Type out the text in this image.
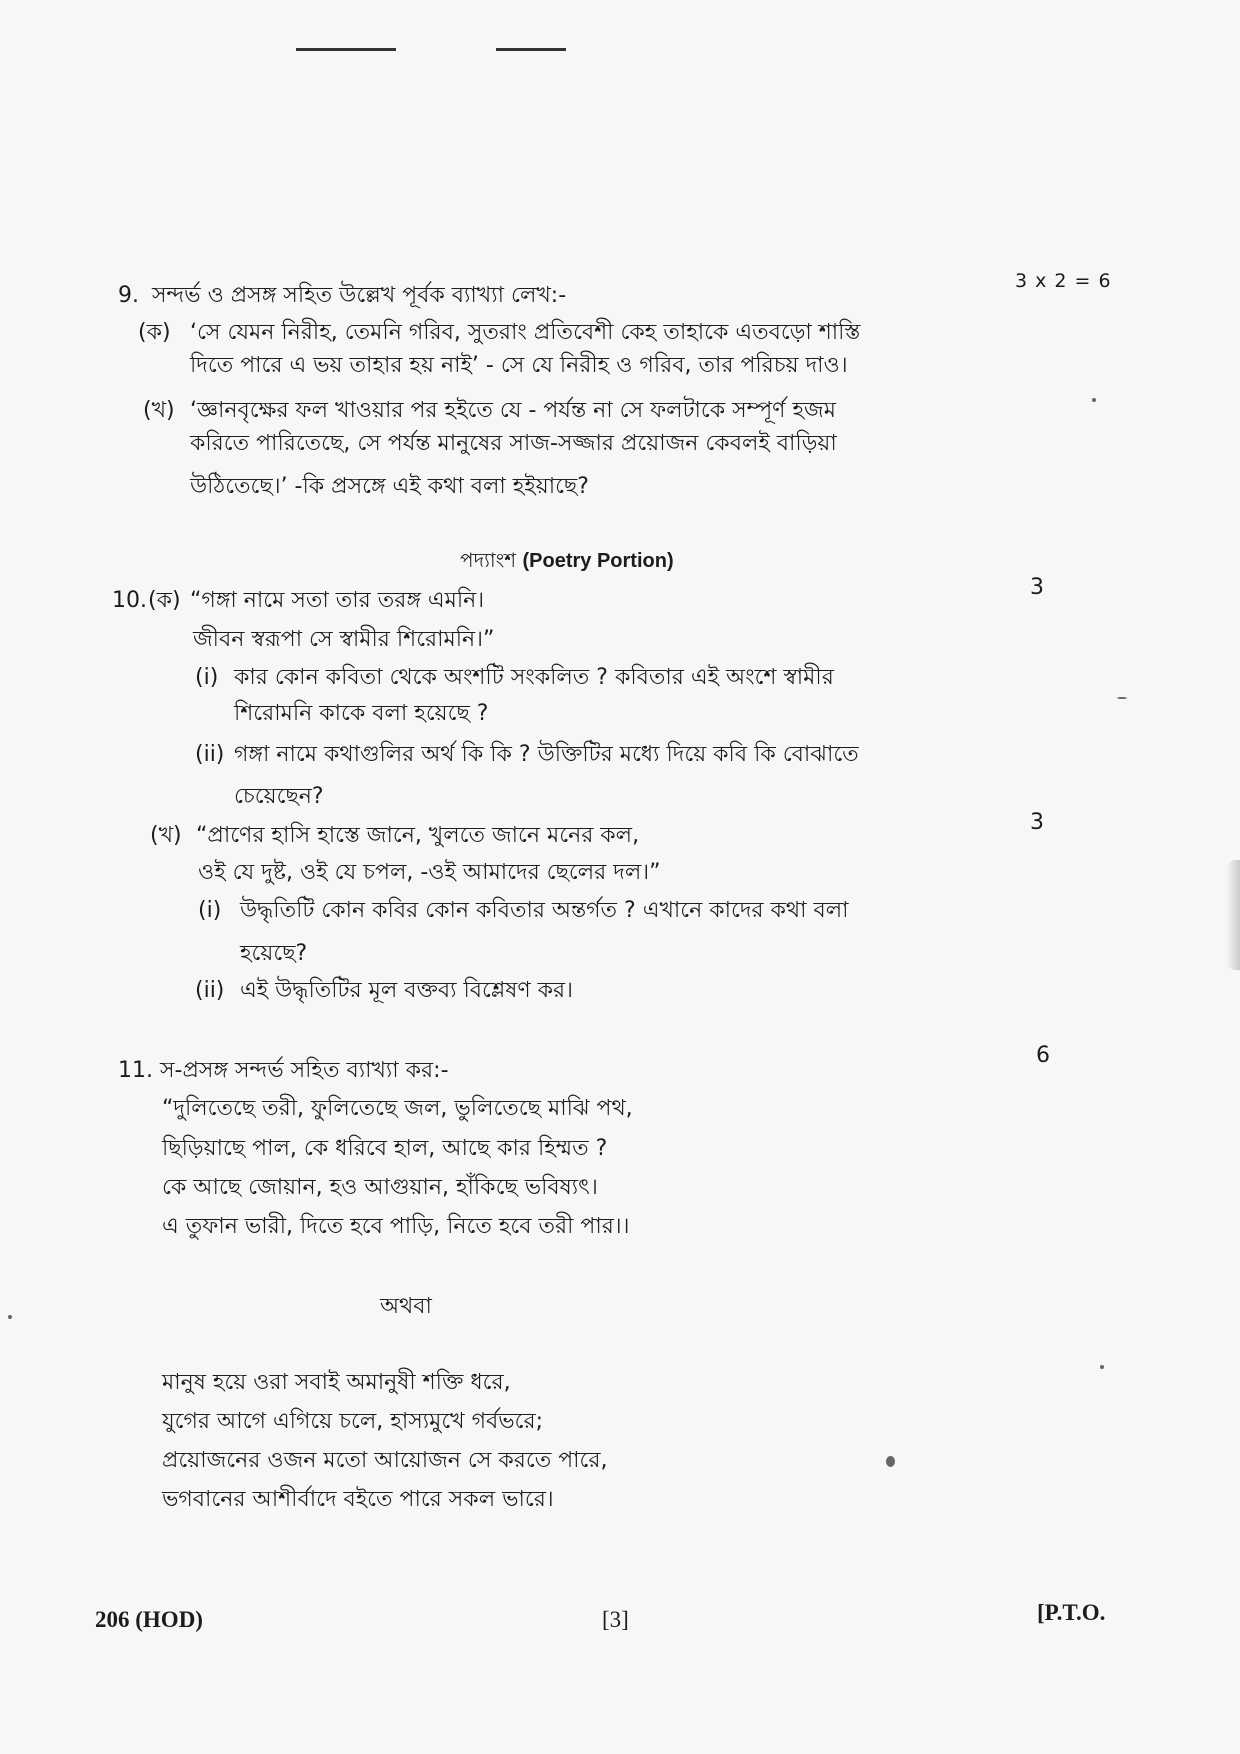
9. সন্দর্ভ ও প্রসঙ্গ সহিত উল্লেখ পূর্বক ব্যাখ্যা লেখ:-
3 x 2 = 6
(ক) ‘সে যেমন নিরীহ, তেমনি গরিব, সুতরাং প্রতিবেশী কেহ তাহাকে এতবড়ো শাস্তি
দিতে পারে এ ভয় তাহার হয় নাই’ - সে যে নিরীহ ও গরিব, তার পরিচয় দাও।
(খ) ‘জ্ঞানবৃক্ষের ফল খাওয়ার পর হইতে যে - পর্যন্ত না সে ফলটাকে সম্পূর্ণ হজম
করিতে পারিতেছে, সে পর্যন্ত মানুষের সাজ-সজ্জার প্রয়োজন কেবলই বাড়িয়া
উঠিতেছে।’ -কি প্রসঙ্গে এই কথা বলা হইয়াছে?
পদ্যাংশ (Poetry Portion)
10. (ক)
3
“গঙ্গা নামে সতা তার তরঙ্গ এমনি।
জীবন স্বরূপা সে স্বামীর শিরোমনি।”
(i) কার কোন কবিতা থেকে অংশটি সংকলিত ? কবিতার এই অংশে স্বামীর
শিরোমনি কাকে বলা হয়েছে ?
(ii) গঙ্গা নামে কথাগুলির অর্থ কি কি ? উক্তিটির মধ্যে দিয়ে কবি কি বোঝাতে
চেয়েছেন?
(খ)
3
“প্রাণের হাসি হাস্তে জানে, খুলতে জানে মনের কল,
ওই যে দুষ্ট, ওই যে চপল, -ওই আমাদের ছেলের দল।”
(i) উদ্ধৃতিটি কোন কবির কোন কবিতার অন্তর্গত ? এখানে কাদের কথা বলা
হয়েছে?
(ii) এই উদ্ধৃতিটির মূল বক্তব্য বিশ্লেষণ কর।
11. স-প্রসঙ্গ সন্দর্ভ সহিত ব্যাখ্যা কর:-
6
“দুলিতেছে তরী, ফুলিতেছে জল, ভুলিতেছে মাঝি পথ,
ছিড়িয়াছে পাল, কে ধরিবে হাল, আছে কার হিম্মত ?
কে আছে জোয়ান, হও আগুয়ান, হাঁকিছে ভবিষ্যৎ।
এ তুফান ভারী, দিতে হবে পাড়ি, নিতে হবে তরী পার।।
অথবা
মানুষ হয়ে ওরা সবাই অমানুষী শক্তি ধরে,
যুগের আগে এগিয়ে চলে, হাস্যমুখে গর্বভরে;
প্রয়োজনের ওজন মতো আয়োজন সে করতে পারে,
ভগবানের আশীর্বাদে বইতে পারে সকল ভারে।
206 (HOD)	[3]	[P.T.O.
